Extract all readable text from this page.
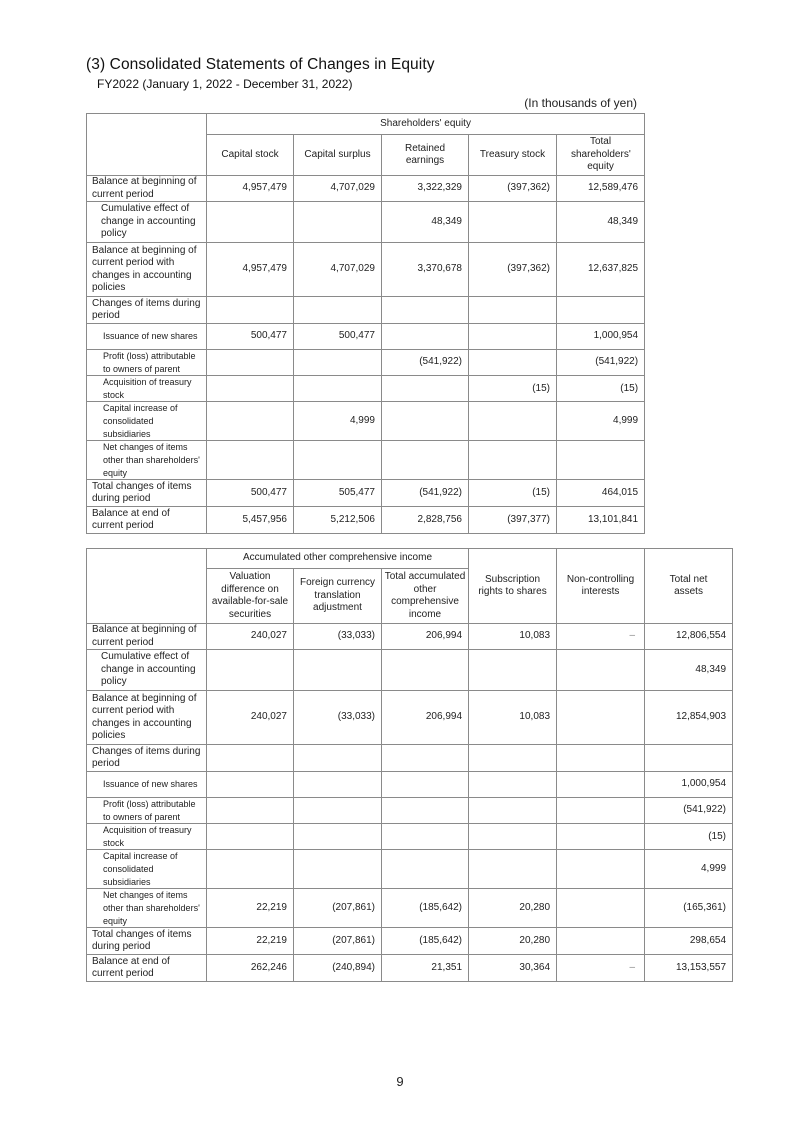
(3) Consolidated Statements of Changes in Equity
FY2022 (January 1, 2022 - December 31, 2022)
(In thousands of yen)
	Shareholders' equity				
	Capital stock	Capital surplus	Retained earnings	Treasury stock	Total shareholders' equity
Balance at beginning of current period	4,957,479	4,707,029	3,322,329	(397,362)	12,589,476
Cumulative effect of change in accounting policy			48,349		48,349
Balance at beginning of current period with changes in accounting policies	4,957,479	4,707,029	3,370,678	(397,362)	12,637,825
Changes of items during period					
Issuance of new shares	500,477	500,477			1,000,954
Profit (loss) attributable to owners of parent			(541,922)		(541,922)
Acquisition of treasury stock				(15)	(15)
Capital increase of consolidated subsidiaries		4,999			4,999
Net changes of items other than shareholders' equity					
Total changes of items during period	500,477	505,477	(541,922)	(15)	464,015
Balance at end of current period	5,457,956	5,212,506	2,828,756	(397,377)	13,101,841
	Accumulated other comprehensive income			Subscription rights to shares	Non-controlling interests	Total net assets
	Valuation difference on available-for-sale securities	Foreign currency translation adjustment	Total accumulated other comprehensive income			
Balance at beginning of current period	240,027	(33,033)	206,994	10,083	–	12,806,554
Cumulative effect of change in accounting policy						48,349
Balance at beginning of current period with changes in accounting policies	240,027	(33,033)	206,994	10,083		12,854,903
Changes of items during period						
Issuance of new shares						1,000,954
Profit (loss) attributable to owners of parent						(541,922)
Acquisition of treasury stock						(15)
Capital increase of consolidated subsidiaries						4,999
Net changes of items other than shareholders' equity	22,219	(207,861)	(185,642)	20,280		(165,361)
Total changes of items during period	22,219	(207,861)	(185,642)	20,280		298,654
Balance at end of current period	262,246	(240,894)	21,351	30,364	–	13,153,557
9
